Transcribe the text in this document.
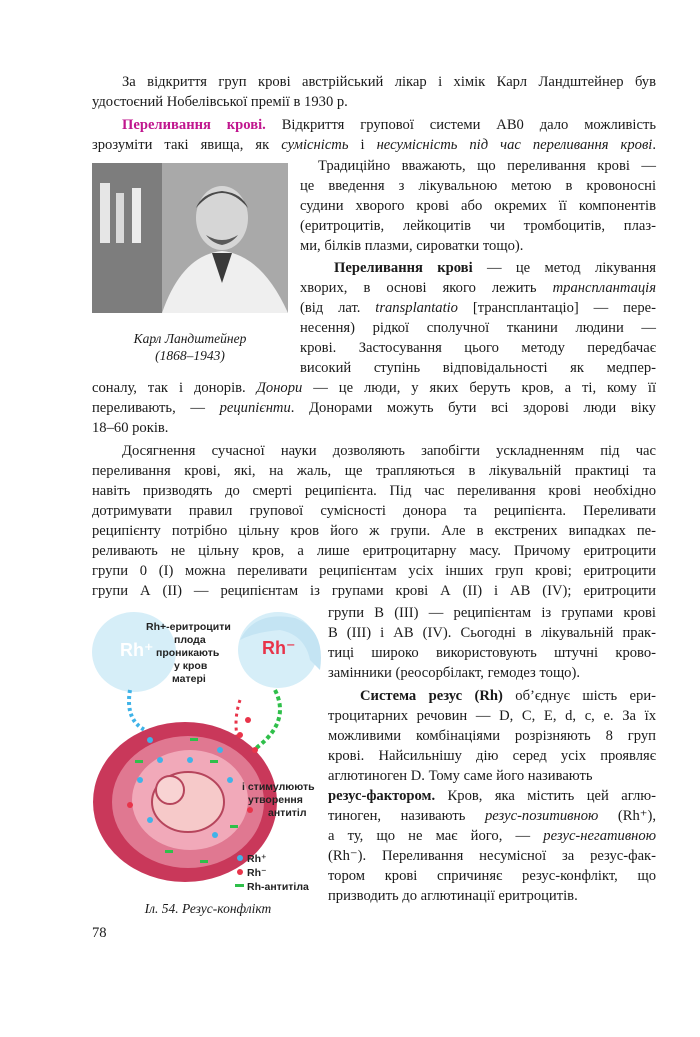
За відкриття груп крові австрійський лікар і хімік Карл Ландштейнер був
удостоєний Нобелівської премії в 1930 р.
Переливання крові. Відкриття групової системи АВ0 дало можливість
зрозуміти такі явища, як сумісність і несумісність під час переливання крові.
Карл Ландштейнер
(1868–1943)
Традиційно вважають, що переливання крові —
це введення з лікувальною метою в кровоносні
судини хворого крові або окремих її компонентів
(еритроцитів, лейкоцитів чи тромбоцитів, плаз-
ми, білків плазми, сироватки тощо).
Переливання крові — це метод лікування
хворих, в основі якого лежить трансплантація
(від лат. transplantatio [трансплантаціо] — пере-
несення) рідкої сполучної тканини людини —
крові. Застосування цього методу передбачає
високий ступінь відповідальності як медпер-
соналу, так і донорів. Донори — це люди, у яких беруть кров, а ті, кому її
переливають, — реципієнти. Донорами можуть бути всі здорові люди віку
18–60 років.
Досягнення сучасної науки дозволяють запобігти ускладненням під час
переливання крові, які, на жаль, ще трапляються в лікувальній практиці та
навіть призводять до смерті реципієнта. Під час переливання крові необхідно
дотримувати правил групової сумісності донора та реципієнта. Переливати
реципієнту потрібно цільну кров його ж групи. Але в екстрених випадках пе-
реливають не цільну кров, а лише еритроцитарну масу. Причому еритроцити
групи 0 (І) можна переливати реципієнтам усіх інших груп крові; еритроцити
групи А (ІІ) — реципієнтам із групами крові А (ІІ) і АВ (IV); еритроцити
групи В (ІІІ) — реципієнтам із групами крові
В (ІІІ) і АВ (IV). Сьогодні в лікувальній прак-
тиці широко використовують штучні крово-
замінники (реосорбілакт, гемодез тощо).
Система резус (Rh) об’єднує шість ери-
троцитарних речовин — D, С, Е, d, с, е. За їх
можливими комбінаціями розрізняють 8 груп
крові. Найсильнішу дію серед усіх проявляє
аглютиноген D. Тому саме його називають
резус-фактором. Кров, яка містить цей аглю-
тиноген, називають резус-позитивною (Rh⁺),
а ту, що не має його, — резус-негативною
(Rh⁻). Переливання несумісної за резус-фак-
тором крові спричиняє резус-конфлікт, що
призводить до аглютинації еритроцитів.
Rh⁺	Rh⁻
Rh+-еритроцити
плода
проникають
у кров
матері
і стимулюють
утворення
антитіл
Rh⁺
Rh⁻
Rh-антитіла
Іл. 54. Резус-конфлікт
78
